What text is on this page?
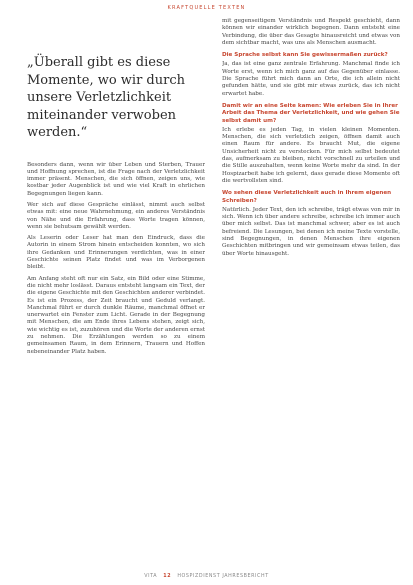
KRAFTQUELLE TEXTEN
„Überall gibt es diese Momente, wo wir durch unsere Verletzlichkeit miteinander verwoben werden.“

Besonders dann, wenn wir über Leben und Sterben, Trauer und Hoffnung sprechen, ist die Frage nach der Verletzlichkeit immer präsent. Menschen, die sich öffnen, zeigen uns, wie kostbar jeder Augenblick ist und wie viel Kraft in ehrlichen Begegnungen liegen kann.

Wer sich auf diese Gespräche einlässt, nimmt auch selbst etwas mit: eine neue Wahrnehmung, ein anderes Verständnis von Nähe und die Erfahrung, dass Worte tragen können, wenn sie behutsam gewählt werden.

Als Leserin oder Leser hat man den Eindruck, dass die Autorin in einem Strom hinein entscheiden konnten, wo sich ihre Gedanken und Erinnerungen verdichten, was in einer Geschichte seinen Platz findet und was im Verborgenen bleibt.

Am Anfang steht oft nur ein Satz, ein Bild oder eine Stimme, die nicht mehr loslässt. Daraus entsteht langsam ein Text, der die eigene Geschichte mit den Geschichten anderer verbindet. Es ist ein Prozess, der Zeit braucht und Geduld verlangt. Manchmal führt er durch dunkle Räume, manchmal öffnet er unerwartet ein Fenster zum Licht. Gerade in der Begegnung mit Menschen, die am Ende ihres Lebens stehen, zeigt sich, wie wichtig es ist, zuzuhören und die Worte der anderen ernst zu nehmen. Die Erzählungen werden so zu einem gemeinsamen Raum, in dem Erinnern, Trauern und Hoffen nebeneinander Platz haben.

mit gegenseitigem Verständnis und Respekt geschieht, dann können wir einander wirklich begegnen. Dann entsteht eine Verbindung, die über das Gesagte hinausreicht und etwas von dem sichtbar macht, was uns als Menschen ausmacht.

Die Sprache selbst kann Sie gewissermaßen zurück?

Ja, das ist eine ganz zentrale Erfahrung. Manchmal finde ich Worte erst, wenn ich mich ganz auf das Gegenüber einlasse. Die Sprache führt mich dann an Orte, die ich allein nicht gefunden hätte, und sie gibt mir etwas zurück, das ich nicht erwartet habe.

Damit wir an eine Seite kamen: Wie erleben Sie in Ihrer Arbeit das Thema der Verletzlichkeit, und wie gehen Sie selbst damit um?

Ich erlebe es jeden Tag, in vielen kleinen Momenten. Menschen, die sich verletzlich zeigen, öffnen damit auch einen Raum für andere. Es braucht Mut, die eigene Unsicherheit nicht zu verstecken. Für mich selbst bedeutet das, aufmerksam zu bleiben, nicht vorschnell zu urteilen und die Stille auszuhalten, wenn keine Worte mehr da sind. In der Hospizarbeit habe ich gelernt, dass gerade diese Momente oft die wertvollsten sind.

Wo sehen diese Verletzlichkeit auch in Ihrem eigenen Schreiben?

Natürlich. Jeder Text, den ich schreibe, trägt etwas von mir in sich. Wenn ich über andere schreibe, schreibe ich immer auch über mich selbst. Das ist manchmal schwer, aber es ist auch befreiend. Die Lesungen, bei denen ich meine Texte vorstelle, sind Begegnungen, in denen Menschen ihre eigenen Geschichten mitbringen und wir gemeinsam etwas teilen, das über Worte hinausgeht.

VITA 12 HOSPIZDIENST JAHRESBERICHT
